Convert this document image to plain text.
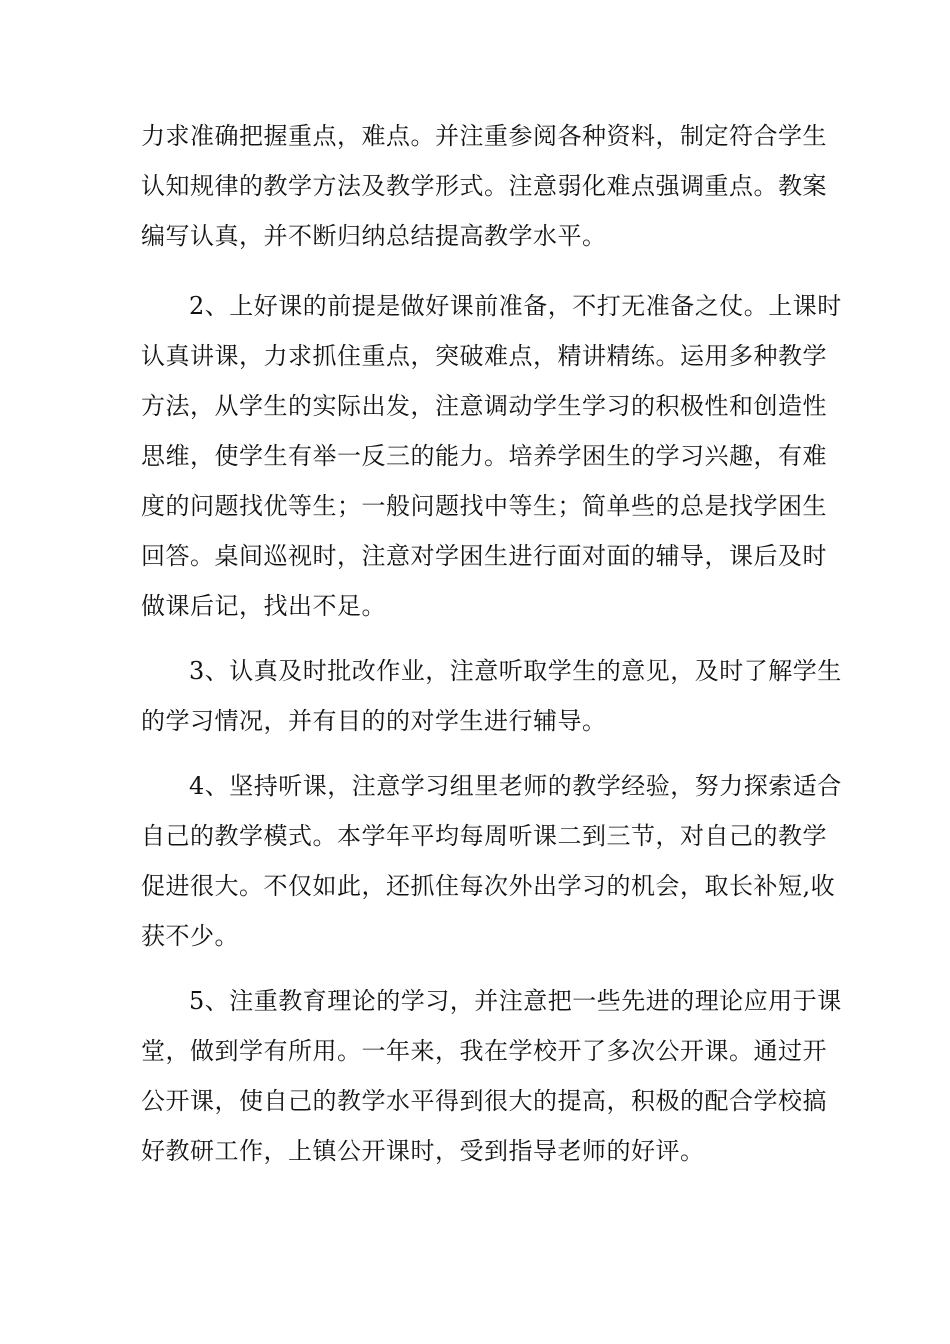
力求准确把握重点，难点。并注重参阅各种资料，制定符合学生
认知规律的教学方法及教学形式。注意弱化难点强调重点。教案
编写认真，并不断归纳总结提高教学水平。
2、上好课的前提是做好课前准备，不打无准备之仗。上课时
认真讲课，力求抓住重点，突破难点，精讲精练。运用多种教学
方法，从学生的实际出发，注意调动学生学习的积极性和创造性
思维，使学生有举一反三的能力。培养学困生的学习兴趣，有难
度的问题找优等生；一般问题找中等生；简单些的总是找学困生
回答。桌间巡视时，注意对学困生进行面对面的辅导，课后及时
做课后记，找出不足。
3、认真及时批改作业，注意听取学生的意见，及时了解学生
的学习情况，并有目的的对学生进行辅导。
4、坚持听课，注意学习组里老师的教学经验，努力探索适合
自己的教学模式。本学年平均每周听课二到三节，对自己的教学
促进很大。不仅如此，还抓住每次外出学习的机会，取长补短,收
获不少。
5、注重教育理论的学习，并注意把一些先进的理论应用于课
堂，做到学有所用。一年来，我在学校开了多次公开课。通过开
公开课，使自己的教学水平得到很大的提高，积极的配合学校搞
好教研工作，上镇公开课时，受到指导老师的好评。
